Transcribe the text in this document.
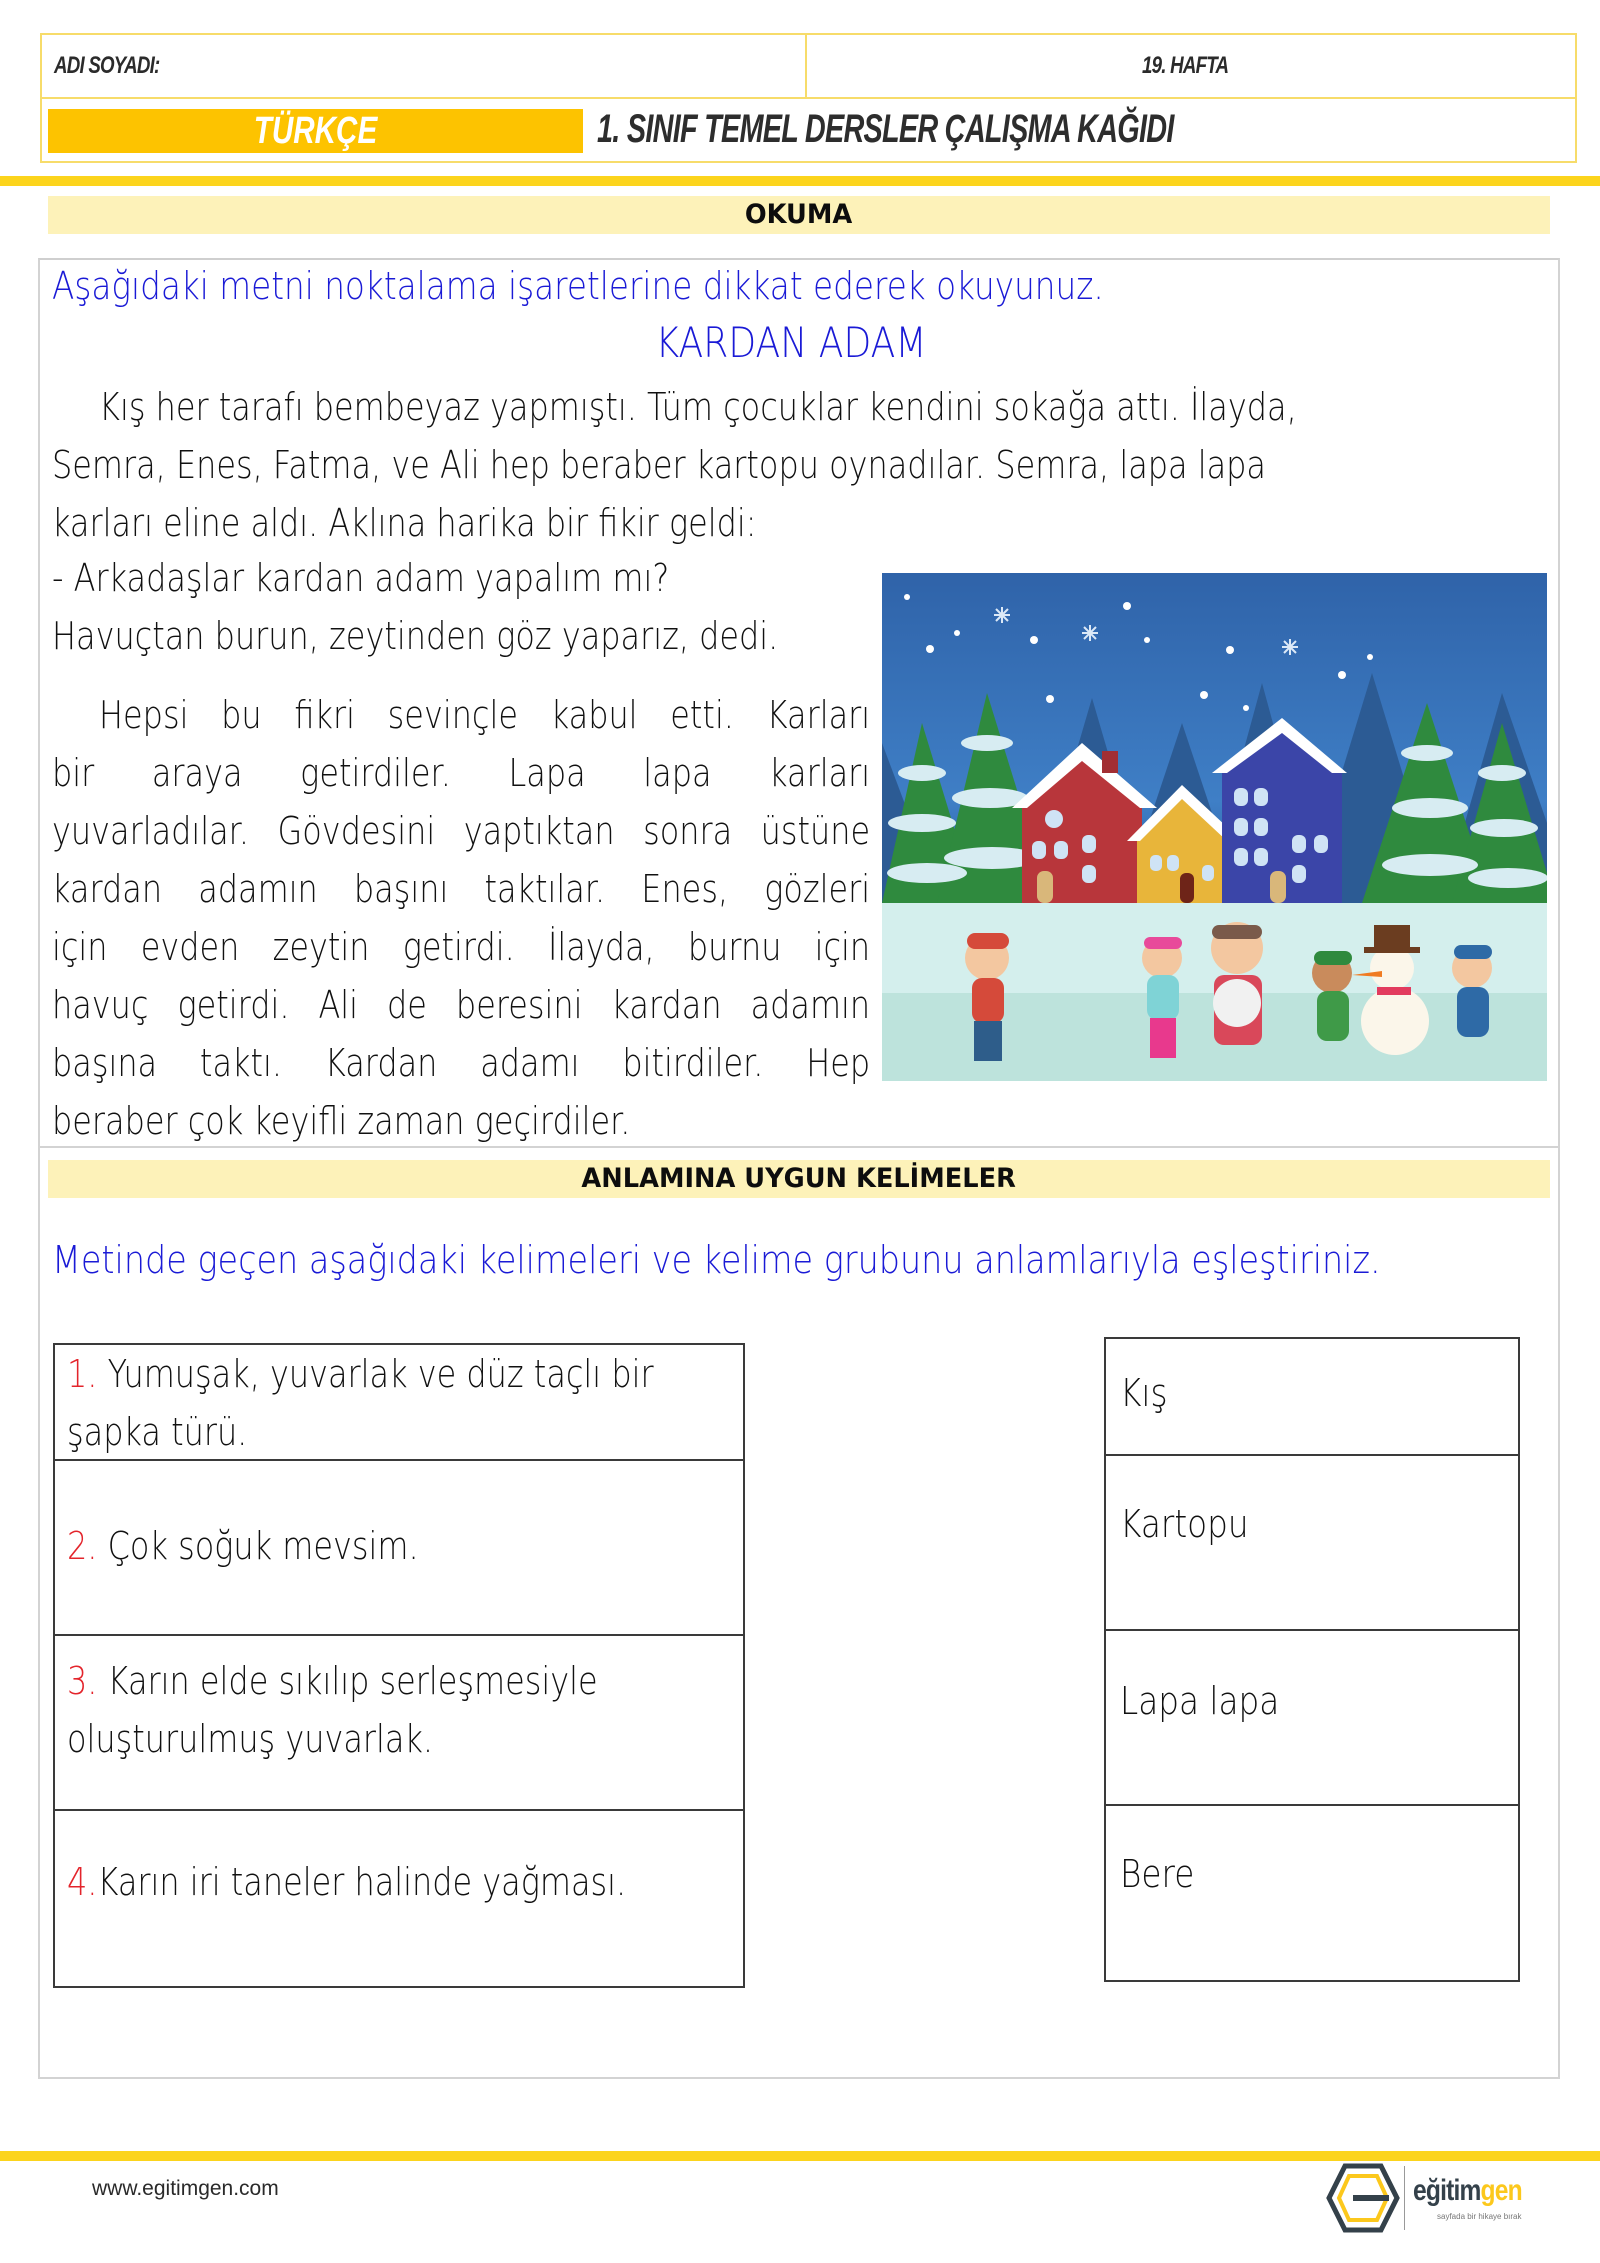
ADI SOYADI:	19. HAFTA
TÜRKÇE	1. SINIF TEMEL DERSLER ÇALIŞMA KAĞIDI
OKUMA
Aşağıdaki metni noktalama işaretlerine dikkat ederek okuyunuz.
KARDAN ADAM

Kış her tarafı bembeyaz yapmıştı. Tüm çocuklar kendini sokağa attı. İlayda,

Semra, Enes, Fatma, ve Ali hep beraber kartopu oynadılar. Semra, lapa lapa

karları eline aldı. Aklına harika bir fikir geldi:

- Arkadaşlar kardan adam yapalım mı?
Havuçtan burun, zeytinden göz yaparız, dedi.

Hepsi bu fikri sevinçle kabul etti. Karları

bir araya getirdiler. Lapa lapa karları

yuvarladılar. Gövdesini yaptıktan sonra üstüne

kardan adamın başını taktılar. Enes, gözleri

için evden zeytin getirdi. İlayda, burnu için

havuç getirdi. Ali de beresini kardan adamın

başına taktı. Kardan adamı bitirdiler. Hep

beraber çok keyifli zaman geçirdiler.

ANLAMINA UYGUN KELİMELER
Metinde geçen aşağıdaki kelimeleri ve kelime grubunu anlamlarıyla eşleştiriniz.
1. Yumuşak, yuvarlak ve düz taçlı bir
şapka türü.
2. Çok soğuk mevsim.
3. Karın elde sıkılıp serleşmesiyle
oluşturulmuş yuvarlak.
4.Karın iri taneler halinde yağması.
Kış
Kartopu
Lapa lapa
Bere
www.egitimgen.com	eğitimgen
sayfada bir hikaye bırak
